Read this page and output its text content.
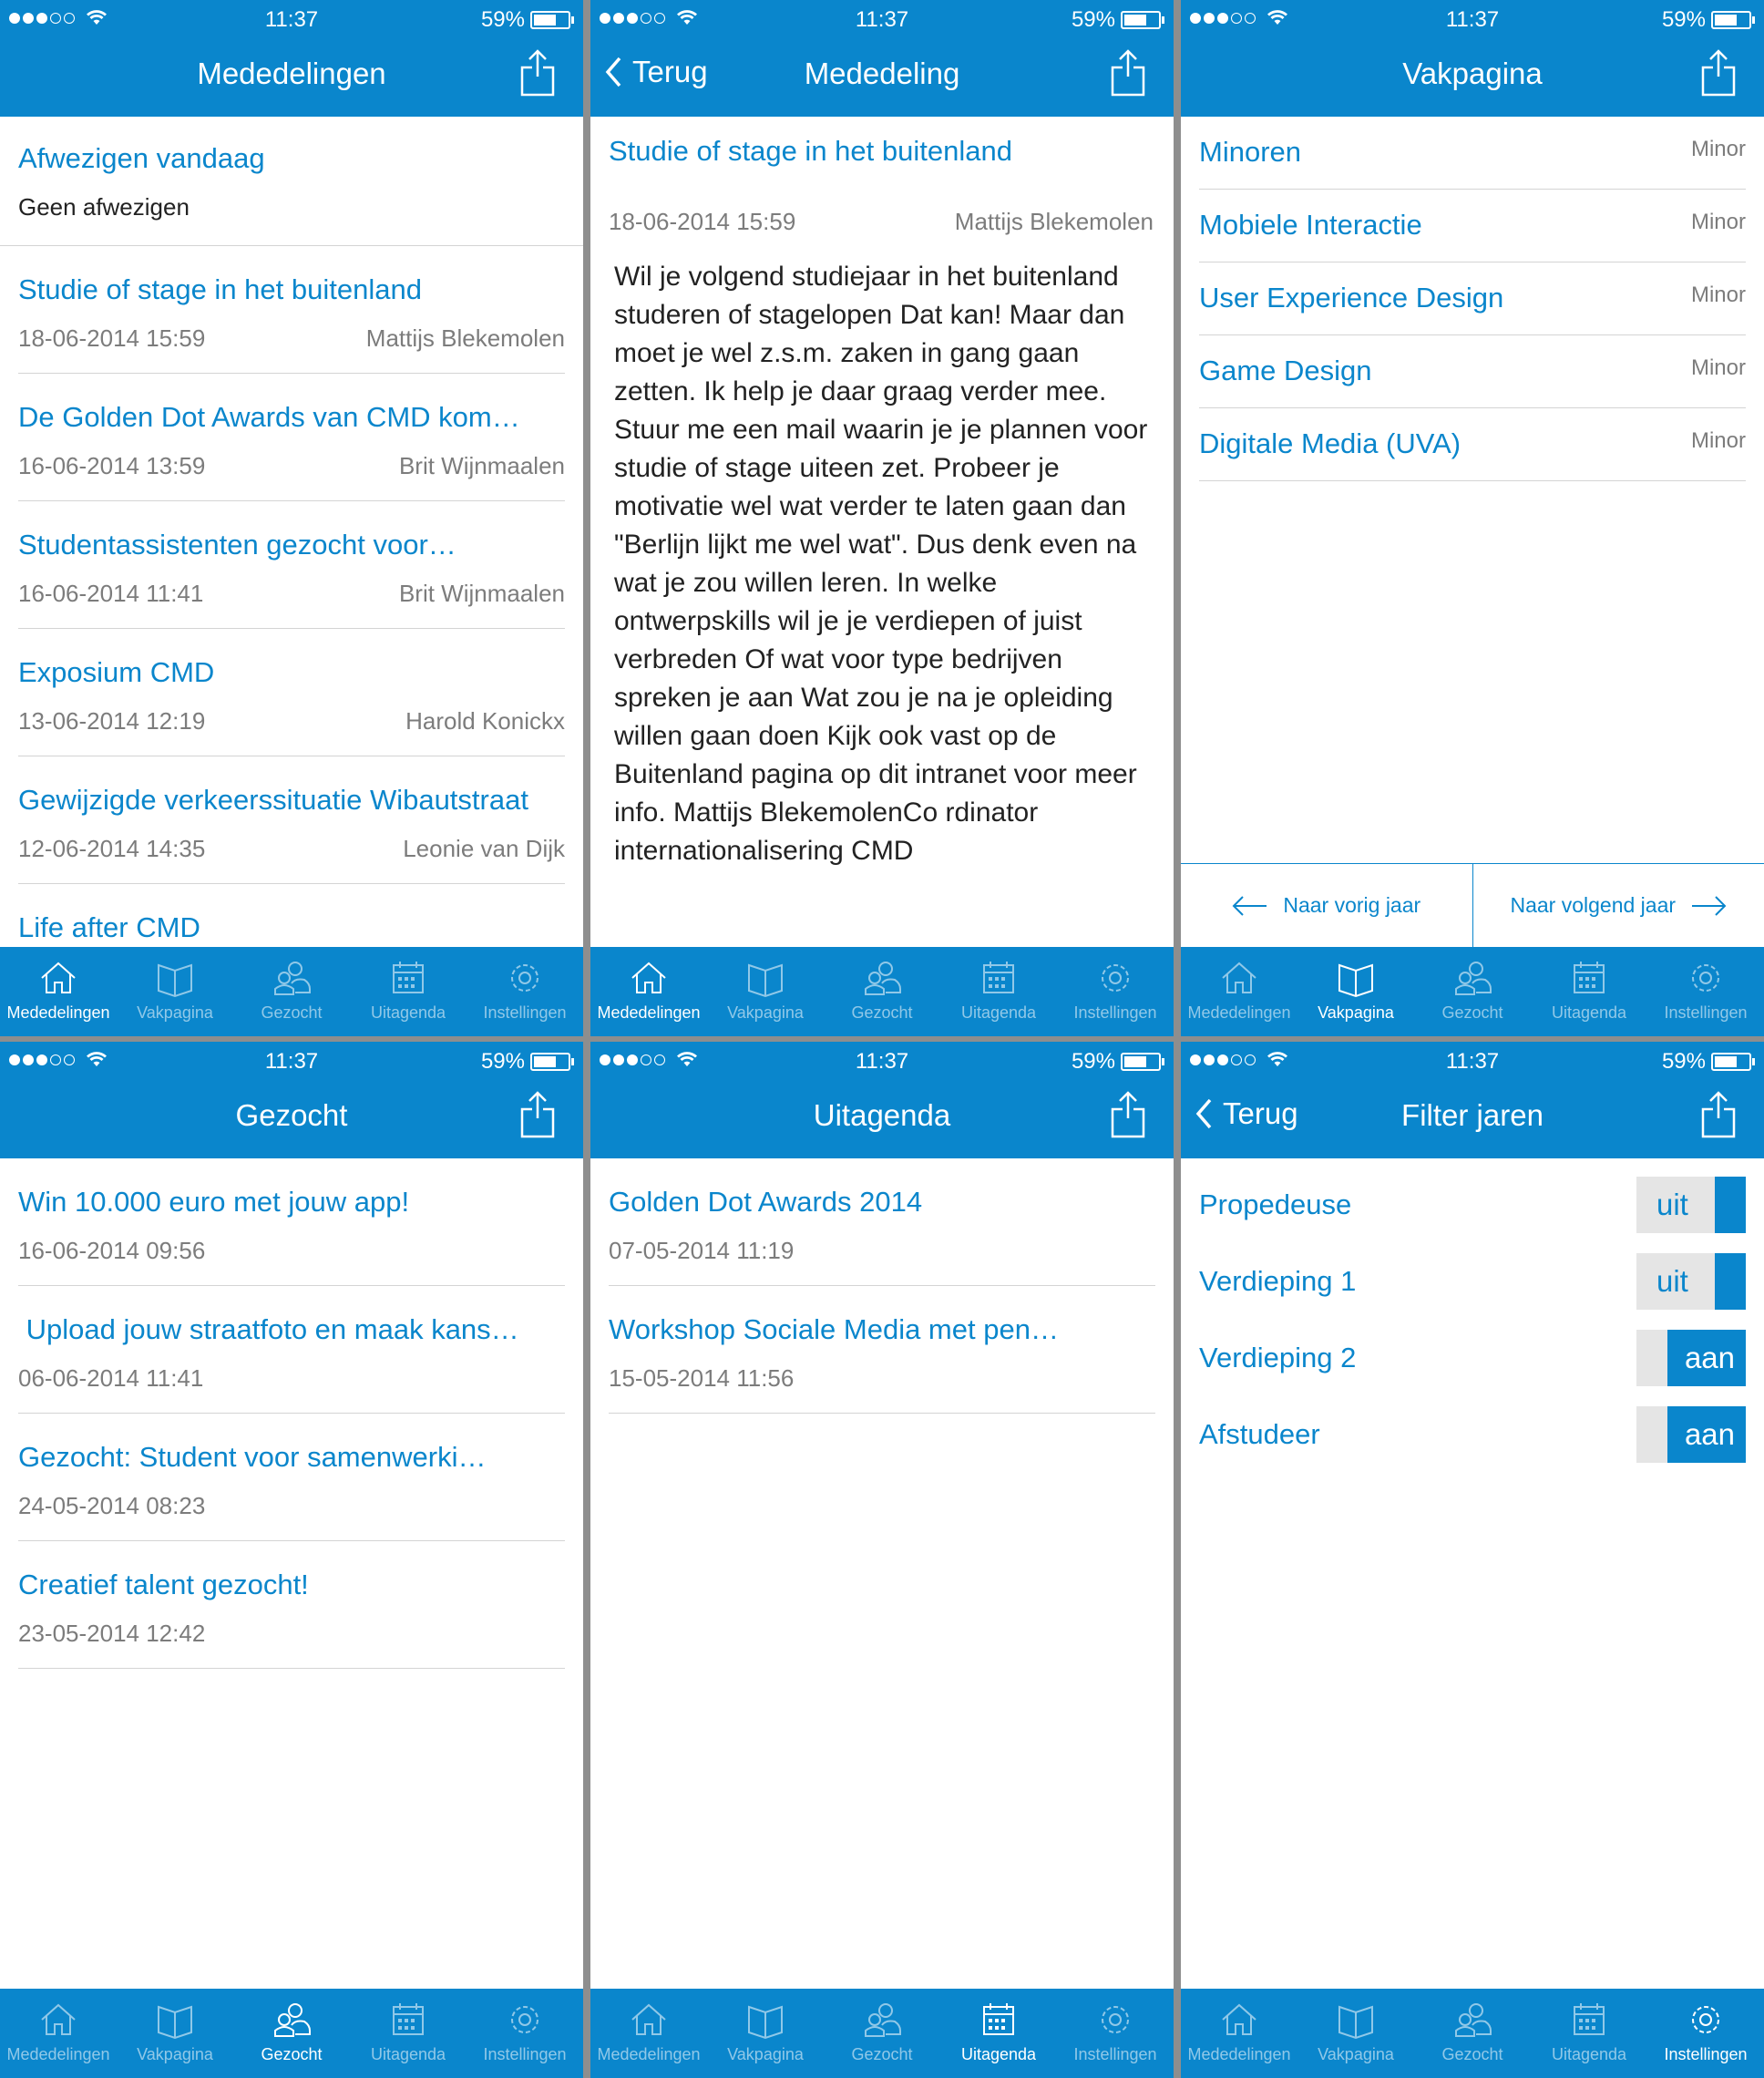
11:37	59%
Mededelingen
Afwezigen vandaag
Geen afwezigen
Studie of stage in het buitenland
18-06-2014 15:59	Mattijs Blekemolen
De Golden Dot Awards van CMD kom…
16-06-2014 13:59	Brit Wijnmaalen
Studentassistenten gezocht voor…
16-06-2014 11:41	Brit Wijnmaalen
Exposium CMD
13-06-2014 12:19	Harold Konickx
Gewijzigde verkeerssituatie Wibautstraat
12-06-2014 14:35	Leonie van Dijk
Life after CMD
Mededelingen	Vakpagina	Gezocht	Uitagenda	Instellingen
11:37	59%
Terug	Mededeling
Studie of stage in het buitenland
18-06-2014 15:59	Mattijs Blekemolen
Wil je volgend studiejaar in het buitenland studeren of stagelopen Dat kan! Maar dan moet je wel z.s.m. zaken in gang gaan zetten. Ik help je daar graag verder mee. Stuur me een mail waarin je je plannen voor studie of stage uiteen zet. Probeer je motivatie wel wat verder te laten gaan dan "Berlijn lijkt me wel wat". Dus denk even na wat je zou willen leren. In welke ontwerpskills wil je je verdiepen of juist verbreden Of wat voor type bedrijven spreken je aan Wat zou je na je opleiding willen gaan doen Kijk ook vast op de Buitenland pagina op dit intranet voor meer info. Mattijs BlekemolenCo rdinator internationalisering CMD
Mededelingen	Vakpagina	Gezocht	Uitagenda	Instellingen
11:37	59%
Vakpagina
Minoren	Minor
Mobiele Interactie	Minor
User Experience Design	Minor
Game Design	Minor
Digitale Media (UVA)	Minor
Naar vorig jaar	Naar volgend jaar
Mededelingen	Vakpagina	Gezocht	Uitagenda	Instellingen
11:37	59%
Gezocht
Win 10.000 euro met jouw app!
16-06-2014 09:56
Upload jouw straatfoto en maak kans…
06-06-2014 11:41
Gezocht: Student voor samenwerki…
24-05-2014 08:23
Creatief talent gezocht!
23-05-2014 12:42
Mededelingen	Vakpagina	Gezocht	Uitagenda	Instellingen
11:37	59%
Uitagenda
Golden Dot Awards 2014
07-05-2014 11:19
Workshop Sociale Media met pen…
15-05-2014 11:56
Mededelingen	Vakpagina	Gezocht	Uitagenda	Instellingen
11:37	59%
Terug	Filter jaren
Propedeuse	uit
Verdieping 1	uit
Verdieping 2	aan
Afstudeer	aan
Mededelingen	Vakpagina	Gezocht	Uitagenda	Instellingen
